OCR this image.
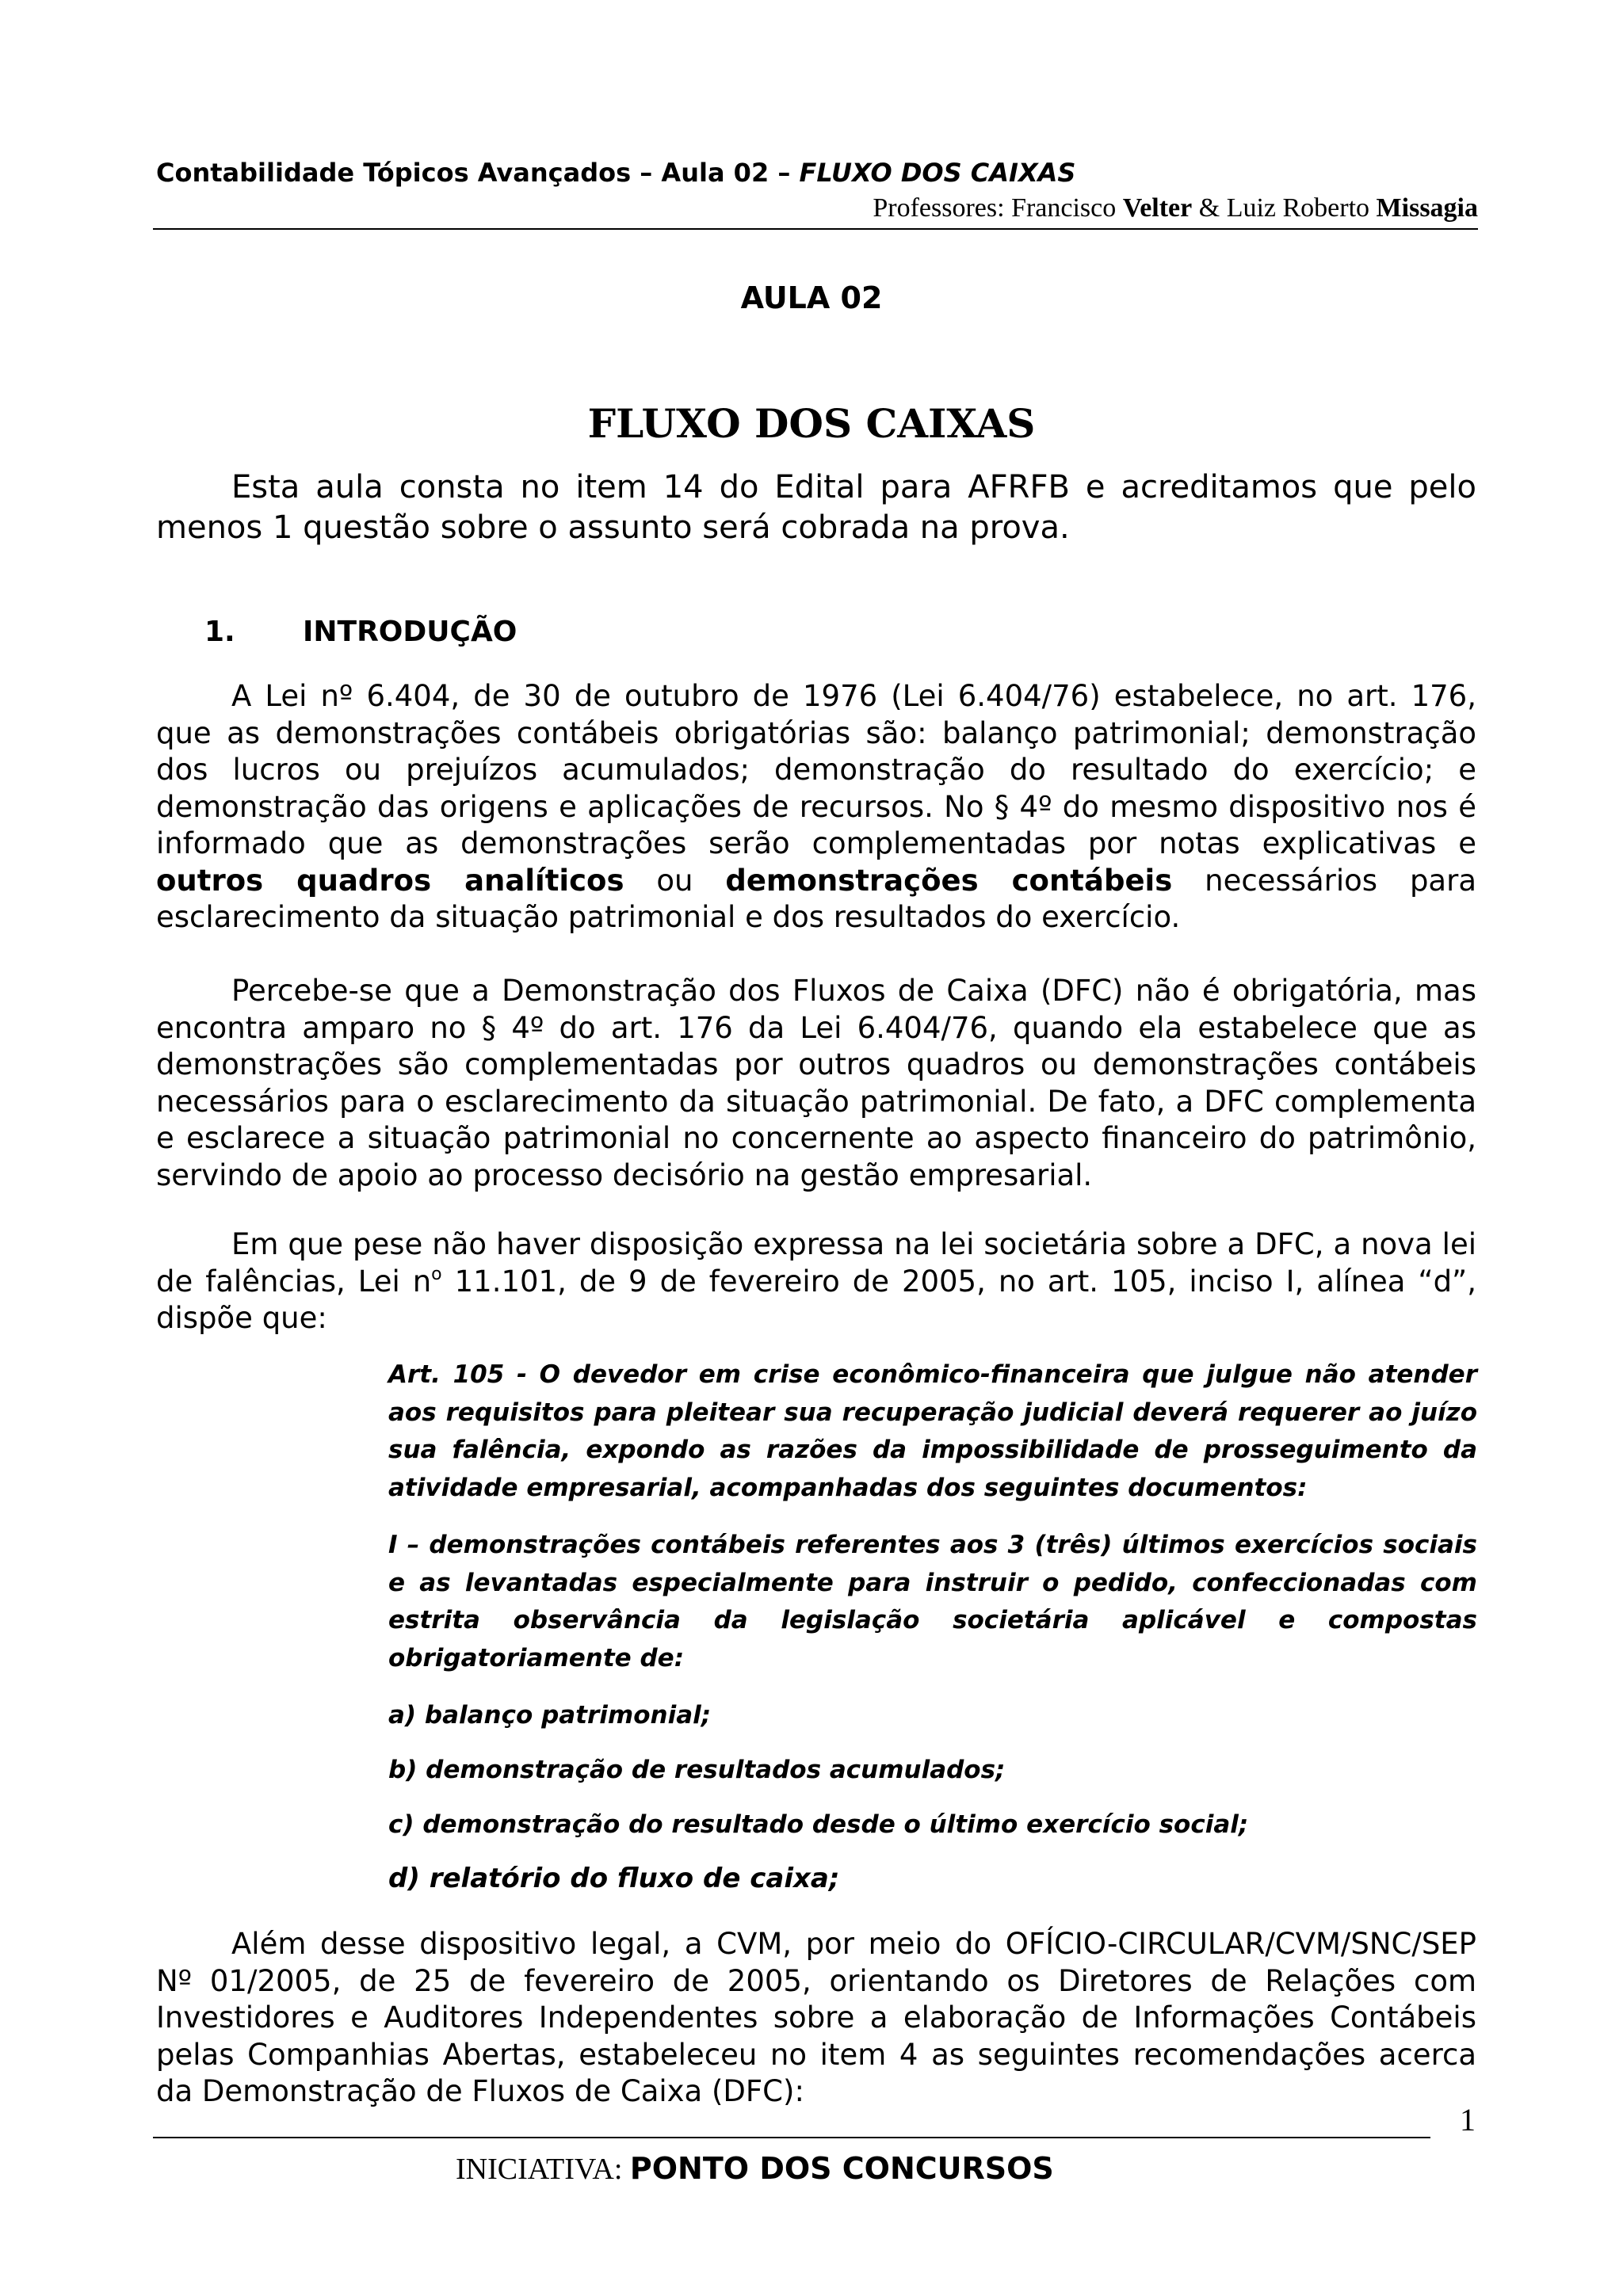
Contabilidade Tópicos Avançados – Aula 02 – FLUXO DOS CAIXAS
Professores: Francisco Velter & Luiz Roberto Missagia
AULA 02
FLUXO DOS CAIXAS

Esta aula consta no item 14 do Edital para AFRFB e acreditamos que pelo menos 1 questão sobre o assunto será cobrada na prova.

1. INTRODUÇÃO

A Lei nº 6.404, de 30 de outubro de 1976 (Lei 6.404/76) estabelece, no art. 176, que as demonstrações contábeis obrigatórias são: balanço patrimonial; demonstração dos lucros ou prejuízos acumulados; demonstração do resultado do exercício; e demonstração das origens e aplicações de recursos. No § 4º do mesmo dispositivo nos é informado que as demonstrações serão complementadas por notas explicativas e outros quadros analíticos ou demonstrações contábeis necessários para esclarecimento da situação patrimonial e dos resultados do exercício.

Percebe-se que a Demonstração dos Fluxos de Caixa (DFC) não é obrigatória, mas encontra amparo no § 4º do art. 176 da Lei 6.404/76, quando ela estabelece que as demonstrações são complementadas por outros quadros ou demonstrações contábeis necessários para o esclarecimento da situação patrimonial. De fato, a DFC complementa e esclarece a situação patrimonial no concernente ao aspecto financeiro do patrimônio, servindo de apoio ao processo decisório na gestão empresarial.

Em que pese não haver disposição expressa na lei societária sobre a DFC, a nova lei de falências, Lei $n^o$ 11.101, de 9 de fevereiro de 2005, no art. 105, inciso I, alínea “d”, dispõe que:

Art. 105 - O devedor em crise econômico-financeira que julgue não atender aos requisitos para pleitear sua recuperação judicial deverá requerer ao juízo sua falência, expondo as razões da impossibilidade de prosseguimento da atividade empresarial, acompanhadas dos seguintes documentos:

I – demonstrações contábeis referentes aos 3 (três) últimos exercícios sociais e as levantadas especialmente para instruir o pedido, confeccionadas com estrita observância da legislação societária aplicável e compostas obrigatoriamente de:

a) balanço patrimonial;

b) demonstração de resultados acumulados;

c) demonstração do resultado desde o último exercício social;

d) relatório do fluxo de caixa;

Além desse dispositivo legal, a CVM, por meio do OFÍCIO-CIRCULAR/CVM/SNC/SEP Nº 01/2005, de 25 de fevereiro de 2005, orientando os Diretores de Relações com Investidores e Auditores Independentes sobre a elaboração de Informações Contábeis pelas Companhias Abertas, estabeleceu no item 4 as seguintes recomendações acerca da Demonstração de Fluxos de Caixa (DFC):

1
INICIATIVA: PONTO DOS CONCURSOS
